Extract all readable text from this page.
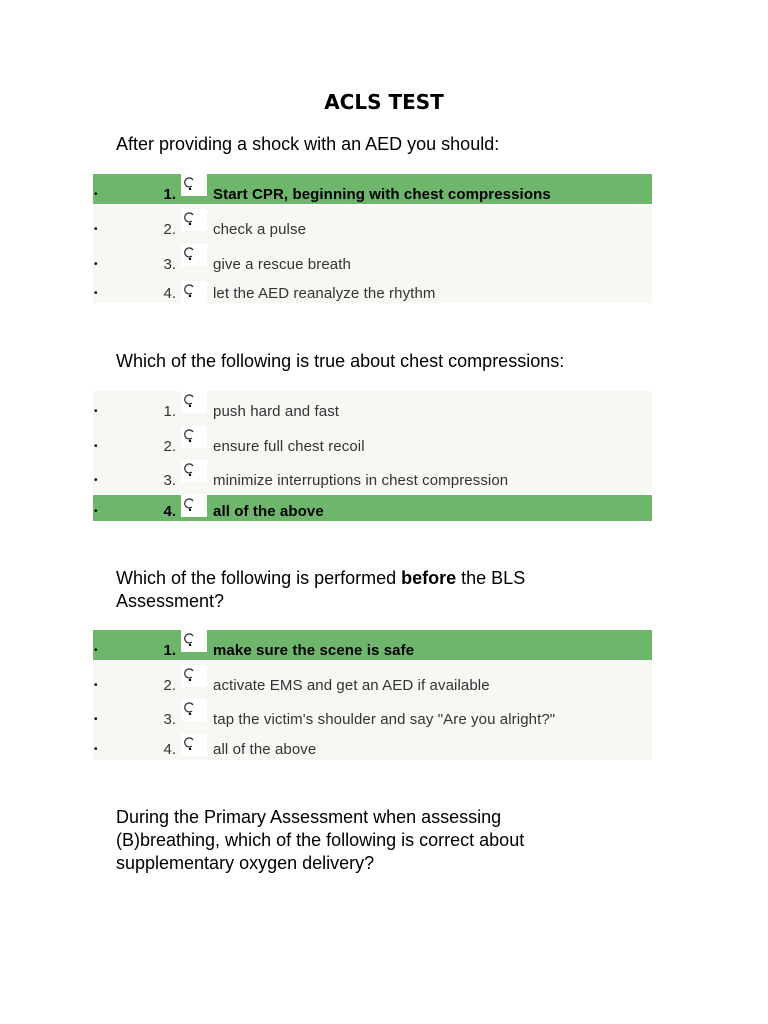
ACLS TEST
After providing a shock with an AED you should:
•	1. Start CPR, beginning with chest compressions
•	2. check a pulse
•	3. give a rescue breath
•	4. let the AED reanalyze the rhythm
Which of the following is true about chest compressions:
•	1. push hard and fast
•	2. ensure full chest recoil
•	3. minimize interruptions in chest compression
•	4. all of the above
Which of the following is performed before the BLS Assessment?
•	1. make sure the scene is safe
•	2. activate EMS and get an AED if available
•	3. tap the victim's shoulder and say "Are you alright?"
•	4. all of the above
During the Primary Assessment when assessing (B)breathing, which of the following is correct about supplementary oxygen delivery?
